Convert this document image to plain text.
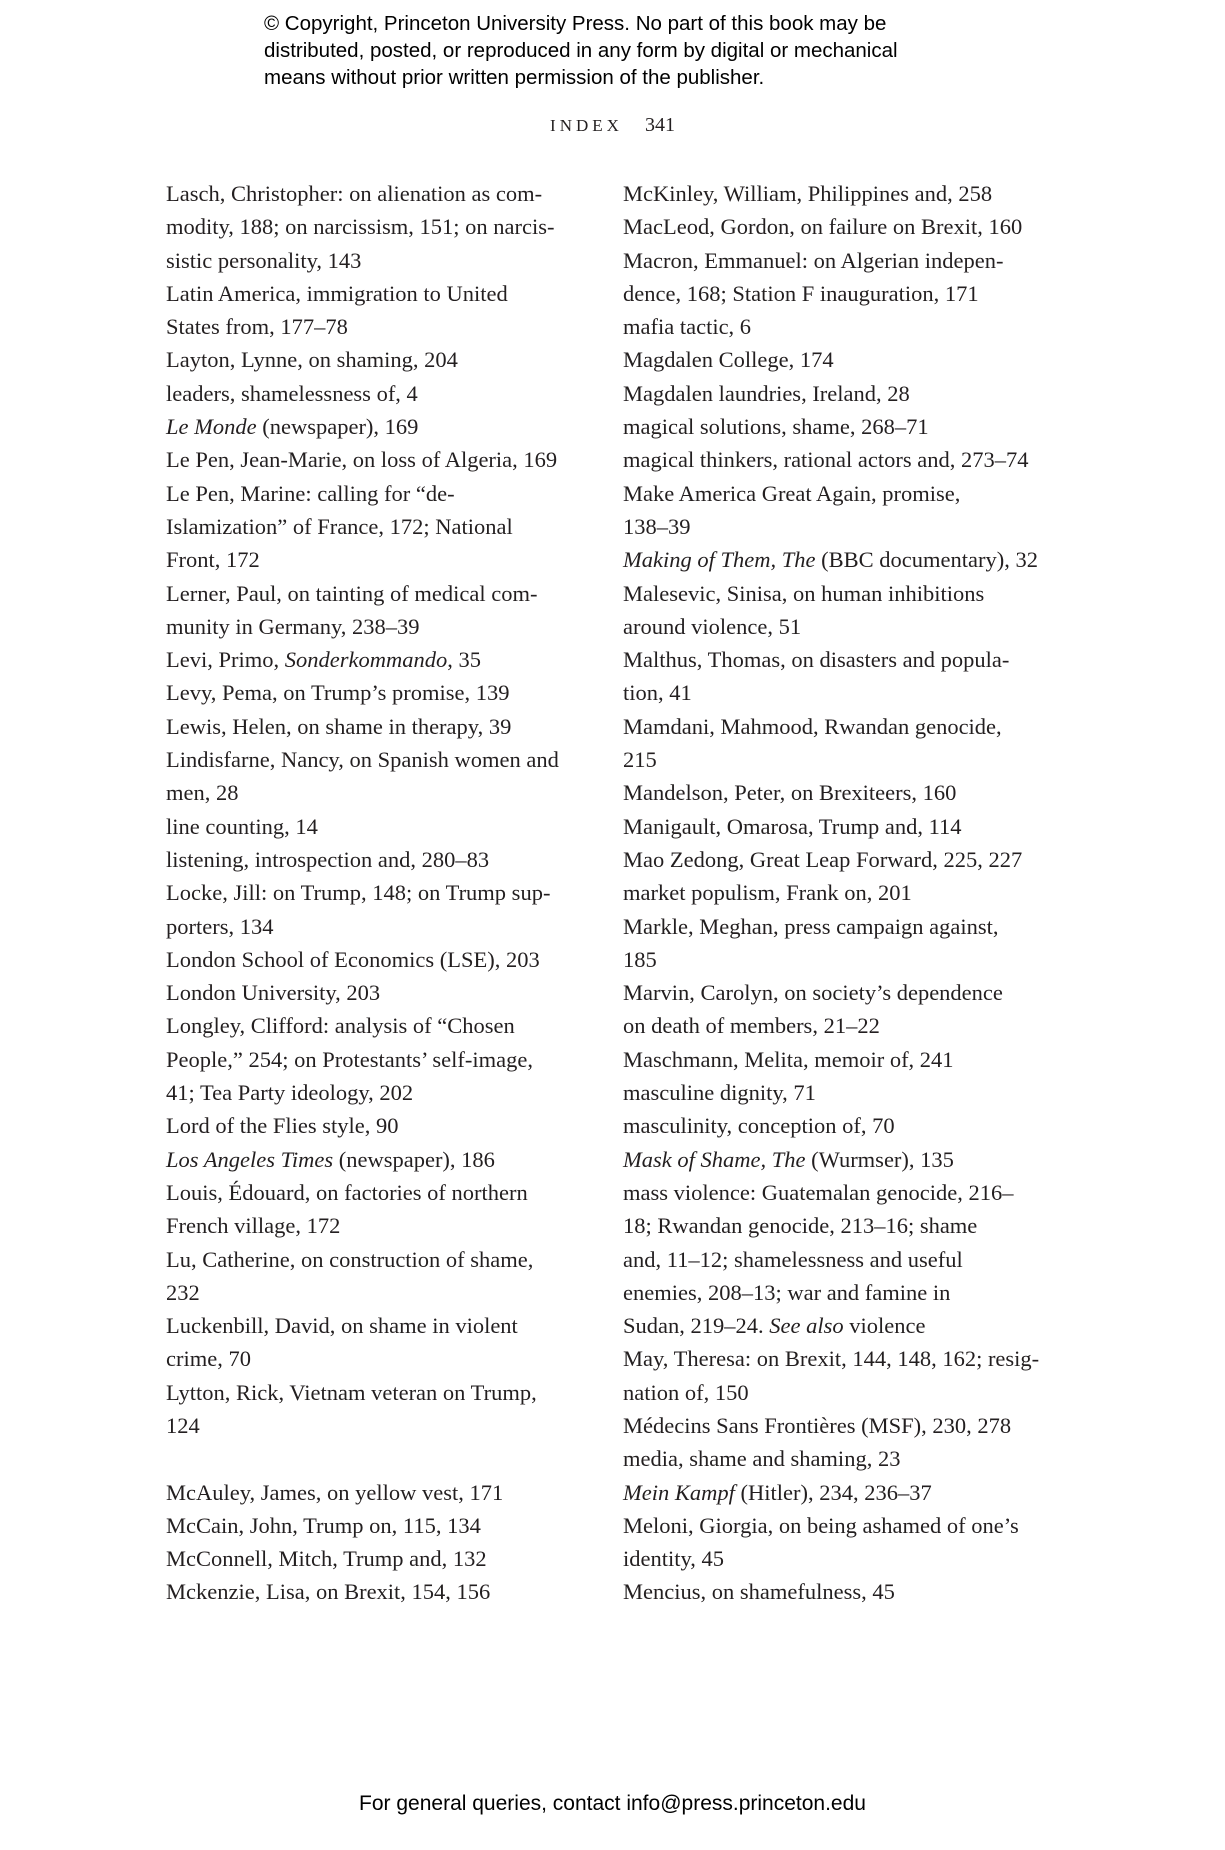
© Copyright, Princeton University Press. No part of this book may be
distributed, posted, or reproduced in any form by digital or mechanical
means without prior written permission of the publisher.
INDEX 341
Lasch, Christopher: on alienation as com-
modity, 188; on narcissism, 151; on narcis-
sistic personality, 143
Latin America, immigration to United
States from, 177–78
Layton, Lynne, on shaming, 204
leaders, shamelessness of, 4
Le Monde (newspaper), 169
Le Pen, Jean-Marie, on loss of Algeria, 169
Le Pen, Marine: calling for “de-
Islamization” of France, 172; National
Front, 172
Lerner, Paul, on tainting of medical com-
munity in Germany, 238–39
Levi, Primo, Sonderkommando, 35
Levy, Pema, on Trump’s promise, 139
Lewis, Helen, on shame in therapy, 39
Lindisfarne, Nancy, on Spanish women and
men, 28
line counting, 14
listening, introspection and, 280–83
Locke, Jill: on Trump, 148; on Trump sup-
porters, 134
London School of Economics (LSE), 203
London University, 203
Longley, Clifford: analysis of “Chosen
People,” 254; on Protestants’ self-image,
41; Tea Party ideology, 202
Lord of the Flies style, 90
Los Angeles Times (newspaper), 186
Louis, Édouard, on factories of northern
French village, 172
Lu, Catherine, on construction of shame,
232
Luckenbill, David, on shame in violent
crime, 70
Lytton, Rick, Vietnam veteran on Trump,
124
McAuley, James, on yellow vest, 171
McCain, John, Trump on, 115, 134
McConnell, Mitch, Trump and, 132
Mckenzie, Lisa, on Brexit, 154, 156
McKinley, William, Philippines and, 258
MacLeod, Gordon, on failure on Brexit, 160
Macron, Emmanuel: on Algerian indepen-
dence, 168; Station F inauguration, 171
mafia tactic, 6
Magdalen College, 174
Magdalen laundries, Ireland, 28
magical solutions, shame, 268–71
magical thinkers, rational actors and, 273–74
Make America Great Again, promise,
138–39
Making of Them, The (BBC documentary), 32
Malesevic, Sinisa, on human inhibitions
around violence, 51
Malthus, Thomas, on disasters and popula-
tion, 41
Mamdani, Mahmood, Rwandan genocide,
215
Mandelson, Peter, on Brexiteers, 160
Manigault, Omarosa, Trump and, 114
Mao Zedong, Great Leap Forward, 225, 227
market populism, Frank on, 201
Markle, Meghan, press campaign against,
185
Marvin, Carolyn, on society’s dependence
on death of members, 21–22
Maschmann, Melita, memoir of, 241
masculine dignity, 71
masculinity, conception of, 70
Mask of Shame, The (Wurmser), 135
mass violence: Guatemalan genocide, 216–
18; Rwandan genocide, 213–16; shame
and, 11–12; shamelessness and useful
enemies, 208–13; war and famine in
Sudan, 219–24. See also violence
May, Theresa: on Brexit, 144, 148, 162; resig-
nation of, 150
Médecins Sans Frontières (MSF), 230, 278
media, shame and shaming, 23
Mein Kampf (Hitler), 234, 236–37
Meloni, Giorgia, on being ashamed of one’s
identity, 45
Mencius, on shamefulness, 45
For general queries, contact info@press.princeton.edu
